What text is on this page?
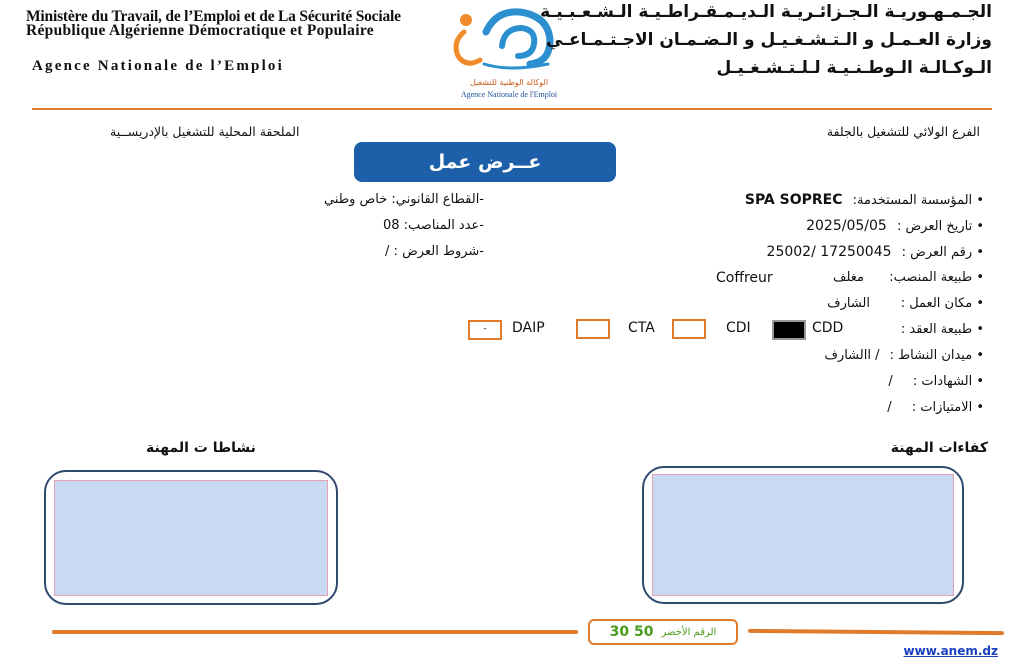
Ministère du Travail, de l’Emploi et de La Sécurité Sociale
République Algérienne Démocratique et Populaire
Agence Nationale de l’Emploi
الوكالة الوطنية للتشغيل
Agence Nationale de l'Emploi
الجـمـهـوريـة الـجـزائـريـة الـديـمـقـراطـيـة الـشـعـبـيـة
وزارة العـمـل و الـتـشـغـيـل و الـضـمـان الاجـتـمـاعـي
الـوكـالـة الـوطـنـيـة لـلـتـشـغـيـل
الفرع الولائي للتشغيل بالجلفة
الملحقة المحلية للتشغيل بالإدريســية
عــرض عمل
• المؤسسة المستخدمة: SPA SOPREC
• تاريخ العرض : 2025/05/05
• رقم العرض : 25002/ 17250045
• طبيعة المنصب:
مغلف
Coffreur
• مكان العمل :
الشارف
• طبيعة العقد :
CDD
CDI
CTA
DAIP
-
• ميدان النشاط : / االشارف
• الشهادات : /
• الامتيازات : /
-القطاع القانوني: خاص وطني
-عدد المناصب: 08
-شروط العرض : /
كفاءات المهنة
نشاطا ت المهنة
30 50 الرقم الأخضر
www.anem.dz
